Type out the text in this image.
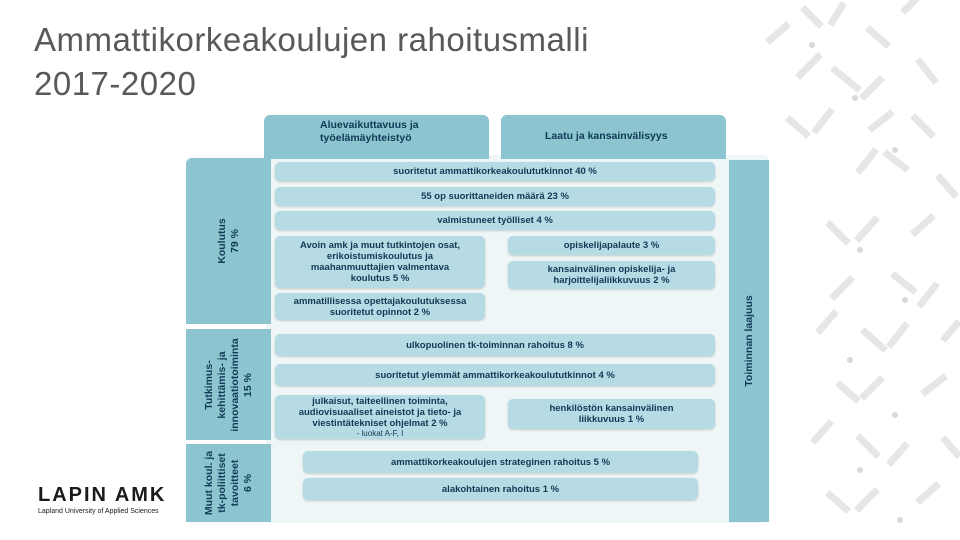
Ammattikorkeakoulujen rahoitusmalli
2017-2020
Aluevaikuttavuus ja
työelämäyhteistyö	Laatu ja kansainvälisyys
Koulutus 79 %
Tutkimus- kehittämis- ja innovaatiotoiminta 15 %
Muut koul. ja tk-poliittiset tavoitteet 6 %
Toiminnan laajuus
suoritetut ammattikorkeakoulututkinnot 40 %
55 op suorittaneiden määrä 23 %
valmistuneet työlliset 4 %
Avoin amk ja muut tutkintojen osat,
erikoistumiskoulutus ja
maahanmuuttajien valmentava
koulutus 5 %
opiskelijapalaute 3 %
kansainvälinen opiskelija- ja
harjoittelijaliikkuvuus 2 %
ammatillisessa opettajakoulutuksessa
suoritetut opinnot 2 %
ulkopuolinen tk-toiminnan rahoitus 8 %
suoritetut ylemmät ammattikorkeakoulututkinnot 4 %
julkaisut, taiteellinen toiminta,
audiovisuaaliset aineistot ja tieto- ja
viestintätekniset ohjelmat 2 %
- luokat A-F, I
henkilöstön kansainvälinen
liikkuvuus 1 %
ammattikorkeakoulujen strateginen rahoitus 5 %
alakohtainen rahoitus 1 %
LAPIN AMK
Lapland University of Applied Sciences
